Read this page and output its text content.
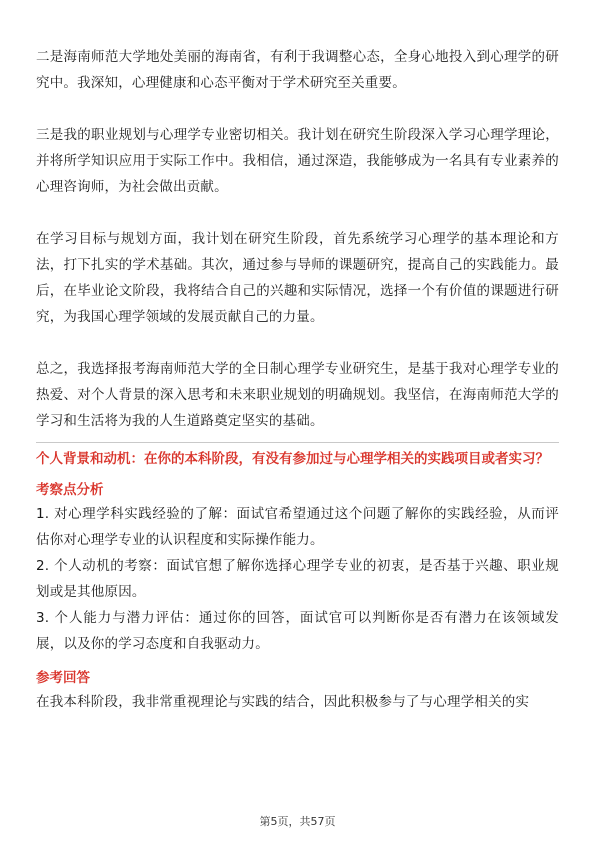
二是海南师范大学地处美丽的海南省，有利于我调整心态，全身心地投入到心理学的研究中。我深知，心理健康和心态平衡对于学术研究至关重要。

三是我的职业规划与心理学专业密切相关。我计划在研究生阶段深入学习心理学理论，并将所学知识应用于实际工作中。我相信，通过深造，我能够成为一名具有专业素养的心理咨询师，为社会做出贡献。

在学习目标与规划方面，我计划在研究生阶段，首先系统学习心理学的基本理论和方法，打下扎实的学术基础。其次，通过参与导师的课题研究，提高自己的实践能力。最后，在毕业论文阶段，我将结合自己的兴趣和实际情况，选择一个有价值的课题进行研究，为我国心理学领域的发展贡献自己的力量。

总之，我选择报考海南师范大学的全日制心理学专业研究生，是基于我对心理学专业的热爱、对个人背景的深入思考和未来职业规划的明确规划。我坚信，在海南师范大学的学习和生活将为我的人生道路奠定坚实的基础。

个人背景和动机：在你的本科阶段，有没有参加过与心理学相关的实践项目或者实习？

考察点分析

1. 对心理学科实践经验的了解：面试官希望通过这个问题了解你的实践经验，从而评估你对心理学专业的认识程度和实际操作能力。

2. 个人动机的考察：面试官想了解你选择心理学专业的初衷，是否基于兴趣、职业规划或是其他原因。

3. 个人能力与潜力评估：通过你的回答，面试官可以判断你是否有潜力在该领域发展，以及你的学习态度和自我驱动力。

参考回答

在我本科阶段，我非常重视理论与实践的结合，因此积极参与了与心理学相关的实

第5页，共57页
